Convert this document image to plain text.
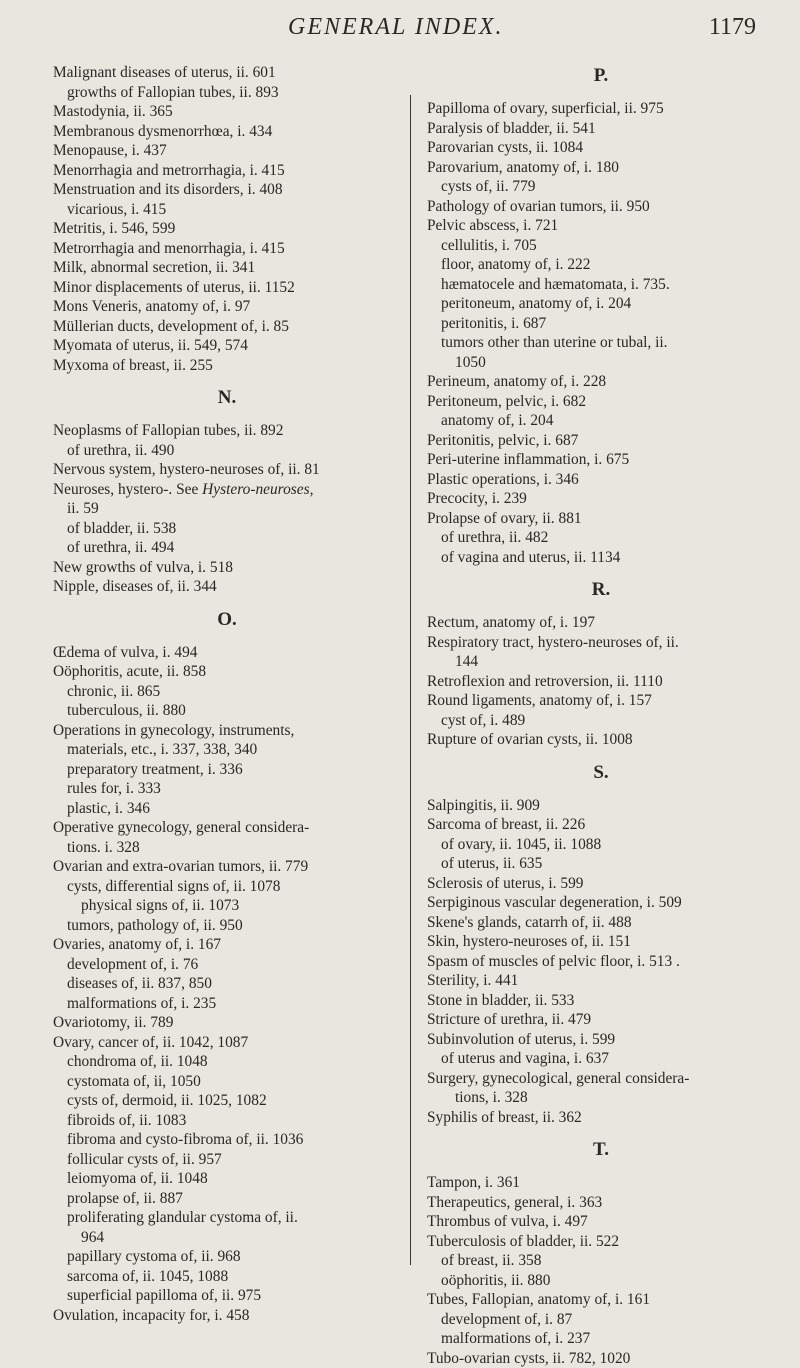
GENERAL INDEX.	1179
Malignant diseases of uterus, ii. 601
growths of Fallopian tubes, ii. 893
Mastodynia, ii. 365
Membranous dysmenorrhœa, i. 434
Menopause, i. 437
Menorrhagia and metrorrhagia, i. 415
Menstruation and its disorders, i. 408
vicarious, i. 415
Metritis, i. 546, 599
Metrorrhagia and menorrhagia, i. 415
Milk, abnormal secretion, ii. 341
Minor displacements of uterus, ii. 1152
Mons Veneris, anatomy of, i. 97
Müllerian ducts, development of, i. 85
Myomata of uterus, ii. 549, 574
Myxoma of breast, ii. 255
N.
Neoplasms of Fallopian tubes, ii. 892
of urethra, ii. 490
Nervous system, hystero-neuroses of, ii. 81
Neuroses, hystero-. See Hystero-neuroses,
ii. 59
of bladder, ii. 538
of urethra, ii. 494
New growths of vulva, i. 518
Nipple, diseases of, ii. 344
O.
Œdema of vulva, i. 494
Oöphoritis, acute, ii. 858
chronic, ii. 865
tuberculous, ii. 880
Operations in gynecology, instruments,
materials, etc., i. 337, 338, 340
preparatory treatment, i. 336
rules for, i. 333
plastic, i. 346
Operative gynecology, general considera-
tions. i. 328
Ovarian and extra-ovarian tumors, ii. 779
cysts, differential signs of, ii. 1078
physical signs of, ii. 1073
tumors, pathology of, ii. 950
Ovaries, anatomy of, i. 167
development of, i. 76
diseases of, ii. 837, 850
malformations of, i. 235
Ovariotomy, ii. 789
Ovary, cancer of, ii. 1042, 1087
chondroma of, ii. 1048
cystomata of, ii, 1050
cysts of, dermoid, ii. 1025, 1082
fibroids of, ii. 1083
fibroma and cysto-fibroma of, ii. 1036
follicular cysts of, ii. 957
leiomyoma of, ii. 1048
prolapse of, ii. 887
proliferating glandular cystoma of, ii.
964
papillary cystoma of, ii. 968
sarcoma of, ii. 1045, 1088
superficial papilloma of, ii. 975
Ovulation, incapacity for, i. 458
P.
Papilloma of ovary, superficial, ii. 975
Paralysis of bladder, ii. 541
Parovarian cysts, ii. 1084
Parovarium, anatomy of, i. 180
cysts of, ii. 779
Pathology of ovarian tumors, ii. 950
Pelvic abscess, i. 721
cellulitis, i. 705
floor, anatomy of, i. 222
hæmatocele and hæmatomata, i. 735.
peritoneum, anatomy of, i. 204
peritonitis, i. 687
tumors other than uterine or tubal, ii.
1050
Perineum, anatomy of, i. 228
Peritoneum, pelvic, i. 682
anatomy of, i. 204
Peritonitis, pelvic, i. 687
Peri-uterine inflammation, i. 675
Plastic operations, i. 346
Precocity, i. 239
Prolapse of ovary, ii. 881
of urethra, ii. 482
of vagina and uterus, ii. 1134
R.
Rectum, anatomy of, i. 197
Respiratory tract, hystero-neuroses of, ii.
144
Retroflexion and retroversion, ii. 1110
Round ligaments, anatomy of, i. 157
cyst of, i. 489
Rupture of ovarian cysts, ii. 1008
S.
Salpingitis, ii. 909
Sarcoma of breast, ii. 226
of ovary, ii. 1045, ii. 1088
of uterus, ii. 635
Sclerosis of uterus, i. 599
Serpiginous vascular degeneration, i. 509
Skene's glands, catarrh of, ii. 488
Skin, hystero-neuroses of, ii. 151
Spasm of muscles of pelvic floor, i. 513 .
Sterility, i. 441
Stone in bladder, ii. 533
Stricture of urethra, ii. 479
Subinvolution of uterus, i. 599
of uterus and vagina, i. 637
Surgery, gynecological, general considera-
tions, i. 328
Syphilis of breast, ii. 362
T.
Tampon, i. 361
Therapeutics, general, i. 363
Thrombus of vulva, i. 497
Tuberculosis of bladder, ii. 522
of breast, ii. 358
oöphoritis, ii. 880
Tubes, Fallopian, anatomy of, i. 161
development of, i. 87
malformations of, i. 237
Tubo-ovarian cysts, ii. 782, 1020
